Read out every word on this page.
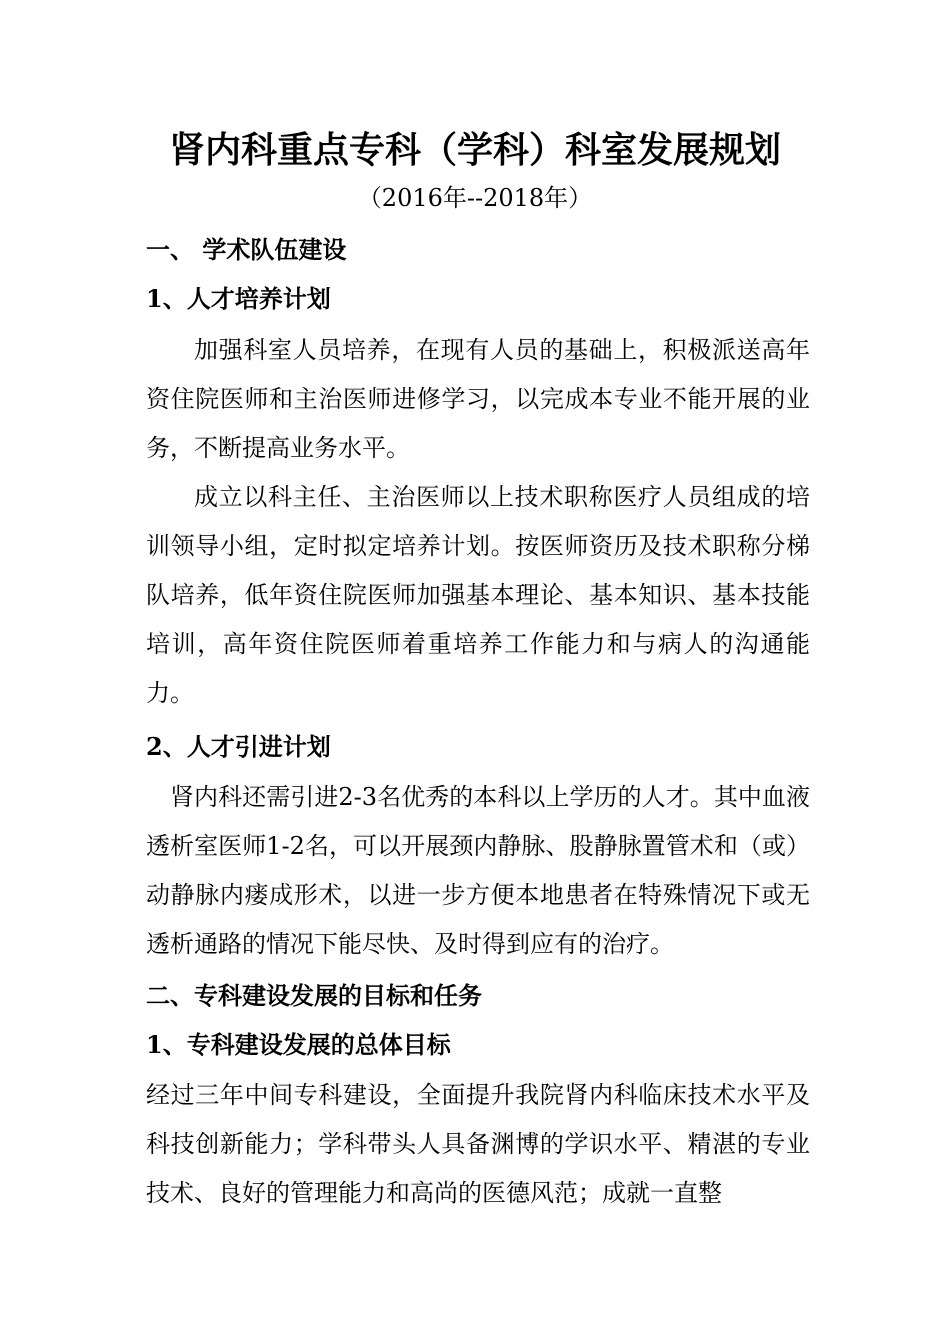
肾内科重点专科（学科）科室发展规划
（2016年--2018年）
一、 学术队伍建设
1、人才培养计划
加强科室人员培养，在现有人员的基础上，积极派送高年资住院医师和主治医师进修学习，以完成本专业不能开展的业务，不断提高业务水平。
成立以科主任、主治医师以上技术职称医疗人员组成的培训领导小组，定时拟定培养计划。按医师资历及技术职称分梯队培养，低年资住院医师加强基本理论、基本知识、基本技能培训，高年资住院医师着重培养工作能力和与病人的沟通能力。
2、人才引进计划
肾内科还需引进2-3名优秀的本科以上学历的人才。其中血液透析室医师1-2名，可以开展颈内静脉、股静脉置管术和（或）动静脉内瘘成形术，以进一步方便本地患者在特殊情况下或无透析通路的情况下能尽快、及时得到应有的治疗。
二、专科建设发展的目标和任务
1、专科建设发展的总体目标
经过三年中间专科建设，全面提升我院肾内科临床技术水平及科技创新能力；学科带头人具备渊博的学识水平、精湛的专业技术、良好的管理能力和高尚的医德风范；成就一直整
